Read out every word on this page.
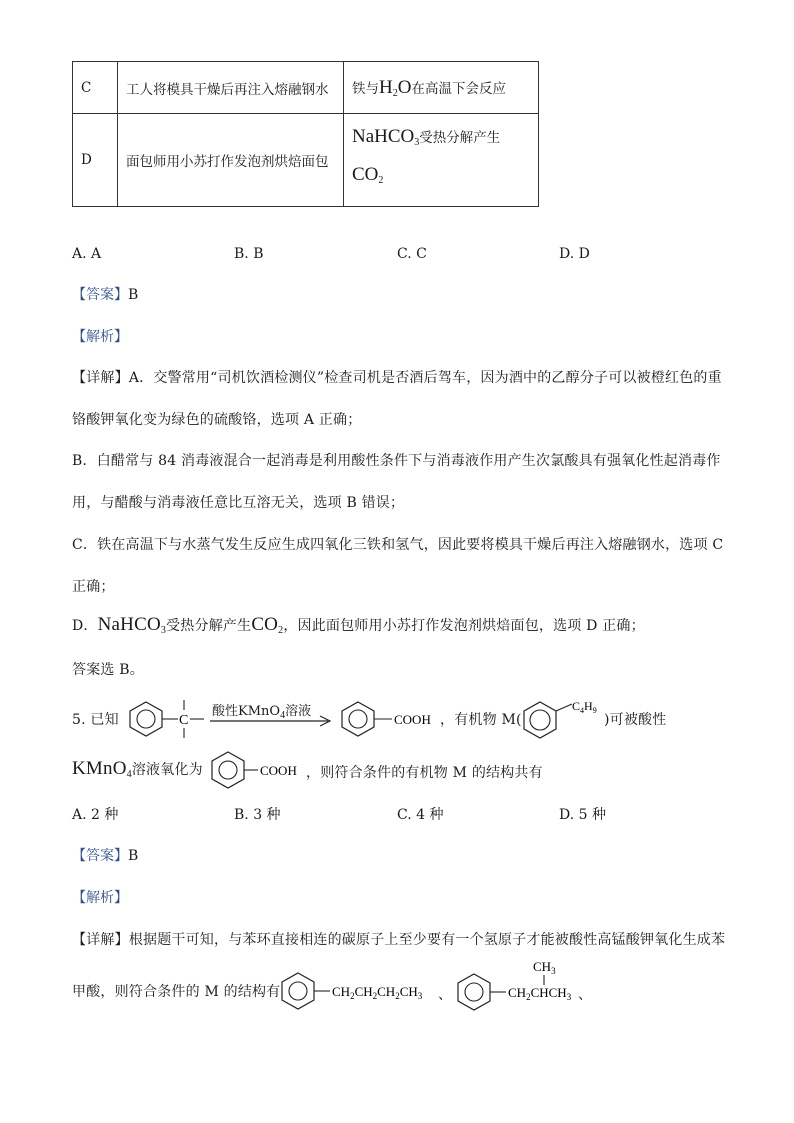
C	工人将模具干燥后再注入熔融钢水	铁与$H_2O$在高温下会反应
D	面包师用小苏打作发泡剂烘焙面包	NaHCO$_3$受热分解产生
$CO_2$
A. A	B. B	C. C	D. D
【答案】B
【解析】
【详解】A．交警常用“司机饮酒检测仪”检查司机是否酒后驾车，因为酒中的乙醇分子可以被橙红色的重
铬酸钾氧化变为绿色的硫酸铬，选项 A 正确；
B．白醋常与 84 消毒液混合一起消毒是利用酸性条件下与消毒液作用产生次氯酸具有强氧化性起消毒作
用，与醋酸与消毒液任意比互溶无关，选项 B 错误；
C．铁在高温下与水蒸气发生反应生成四氧化三铁和氢气，因此要将模具干燥后再注入熔融钢水，选项 C
正确；
D．NaHCO$_3$受热分解产生$CO_2$，因此面包师用小苏打作发泡剂烘焙面包，选项 D 正确；
答案选 B。
5. 已知	C
酸性KMnO$_4$溶液
COOH ，有机物 M(
$C_4H_9$
)可被酸性
KMnO$_4$溶液氧化为	COOH ，则符合条件的有机物 M 的结构共有
A. 2 种	B. 3 种	C. 4 种	D. 5 种
【答案】B
【解析】
【详解】根据题干可知，与苯环直接相连的碳原子上至少要有一个氢原子才能被酸性高锰酸钾氧化生成苯
甲酸，则符合条件的 M 的结构有	$CH_2CH_2CH_2CH_3$ 、
$CH_3$
$CH_2CHCH_3$ 、
